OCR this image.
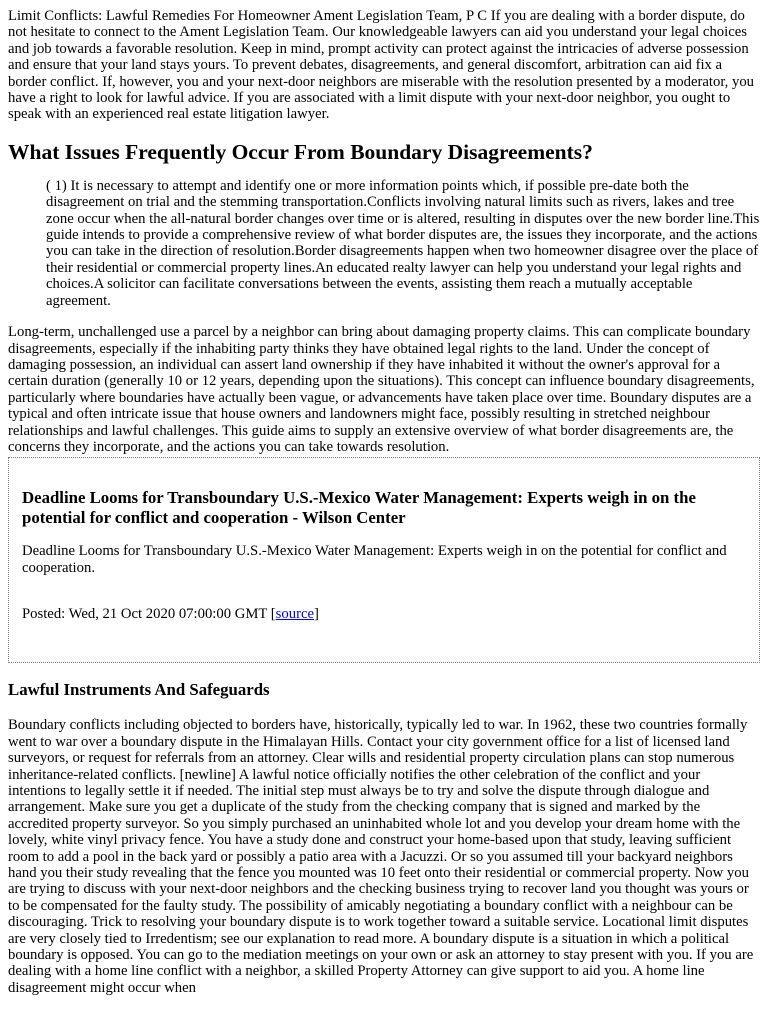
Limit Conflicts: Lawful Remedies For Homeowner Ament Legislation Team, P C If you are dealing with a border dispute, do not hesitate to connect to the Ament Legislation Team. Our knowledgeable lawyers can aid you understand your legal choices and job towards a favorable resolution. Keep in mind, prompt activity can protect against the intricacies of adverse possession and ensure that your land stays yours. To prevent debates, disagreements, and general discomfort, arbitration can aid fix a border conflict. If, however, you and your next-door neighbors are miserable with the resolution presented by a moderator, you have a right to look for lawful advice. If you are associated with a limit dispute with your next-door neighbor, you ought to speak with an experienced real estate litigation lawyer.

What Issues Frequently Occur From Boundary Disagreements?

( 1) It is necessary to attempt and identify one or more information points which, if possible pre-date both the disagreement on trial and the stemming transportation.Conflicts involving natural limits such as rivers, lakes and tree zone occur when the all-natural border changes over time or is altered, resulting in disputes over the new border line.This guide intends to provide a comprehensive review of what border disputes are, the issues they incorporate, and the actions you can take in the direction of resolution.Border disagreements happen when two homeowner disagree over the place of their residential or commercial property lines.An educated realty lawyer can help you understand your legal rights and choices.A solicitor can facilitate conversations between the events, assisting them reach a mutually acceptable agreement.

Long-term, unchallenged use a parcel by a neighbor can bring about damaging property claims. This can complicate boundary disagreements, especially if the inhabiting party thinks they have obtained legal rights to the land. Under the concept of damaging possession, an individual can assert land ownership if they have inhabited it without the owner's approval for a certain duration (generally 10 or 12 years, depending upon the situations). This concept can influence boundary disagreements, particularly where boundaries have actually been vague, or advancements have taken place over time. Boundary disputes are a typical and often intricate issue that house owners and landowners might face, possibly resulting in stretched neighbour relationships and lawful challenges. This guide aims to supply an extensive overview of what border disagreements are, the concerns they incorporate, and the actions you can take towards resolution.

Deadline Looms for Transboundary U.S.-Mexico Water Management: Experts weigh in on the potential for conflict and cooperation - Wilson Center

Deadline Looms for Transboundary U.S.-Mexico Water Management: Experts weigh in on the potential for conflict and cooperation.

Posted: Wed, 21 Oct 2020 07:00:00 GMT [source]

Lawful Instruments And Safeguards

Boundary conflicts including objected to borders have, historically, typically led to war. In 1962, these two countries formally went to war over a boundary dispute in the Himalayan Hills. Contact your city government office for a list of licensed land surveyors, or request for referrals from an attorney. Clear wills and residential property circulation plans can stop numerous inheritance-related conflicts. [newline] A lawful notice officially notifies the other celebration of the conflict and your intentions to legally settle it if needed. The initial step must always be to try and solve the dispute through dialogue and arrangement. Make sure you get a duplicate of the study from the checking company that is signed and marked by the accredited property surveyor. So you simply purchased an uninhabited whole lot and you develop your dream home with the lovely, white vinyl privacy fence. You have a study done and construct your home-based upon that study, leaving sufficient room to add a pool in the back yard or possibly a patio area with a Jacuzzi. Or so you assumed till your backyard neighbors hand you their study revealing that the fence you mounted was 10 feet onto their residential or commercial property. Now you are trying to discuss with your next-door neighbors and the checking business trying to recover land you thought was yours or to be compensated for the faulty study. The possibility of amicably negotiating a boundary conflict with a neighbour can be discouraging. Trick to resolving your boundary dispute is to work together toward a suitable service. Locational limit disputes are very closely tied to Irredentism; see our explanation to read more. A boundary dispute is a situation in which a political boundary is opposed. You can go to the mediation meetings on your own or ask an attorney to stay present with you. If you are dealing with a home line conflict with a neighbor, a skilled Property Attorney can give support to aid you. A home line disagreement might occur when
